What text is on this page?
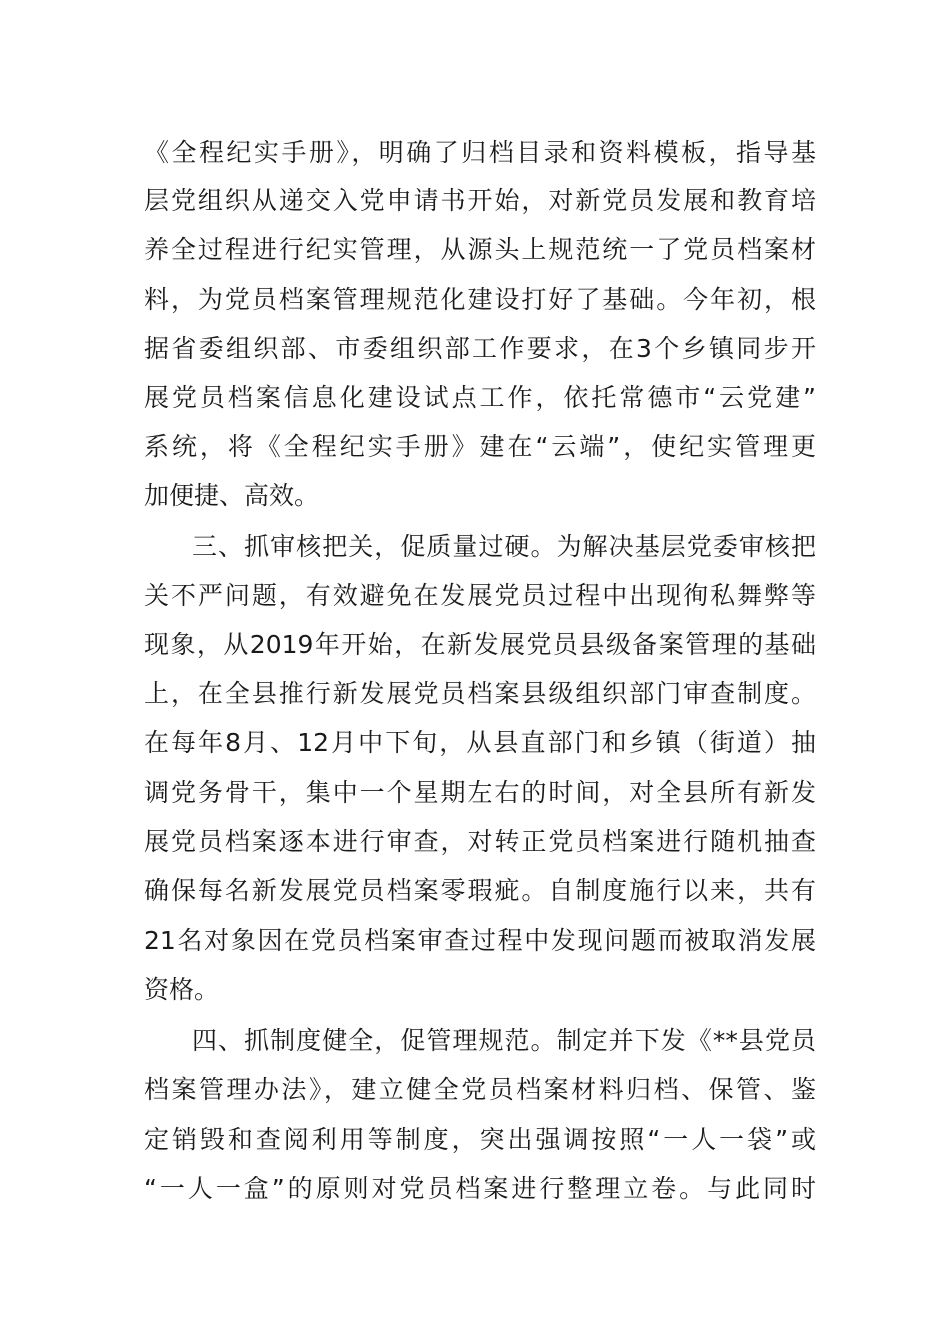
《全程纪实手册》，明确了归档目录和资料模板，指导基
层党组织从递交入党申请书开始，对新党员发展和教育培
养全过程进行纪实管理，从源头上规范统一了党员档案材
料，为党员档案管理规范化建设打好了基础。今年初，根
据省委组织部、市委组织部工作要求，在3个乡镇同步开
展党员档案信息化建设试点工作，依托常德市“云党建”
系统，将《全程纪实手册》建在“云端”，使纪实管理更
加便捷、高效。
三、抓审核把关，促质量过硬。为解决基层党委审核把
关不严问题，有效避免在发展党员过程中出现徇私舞弊等
现象，从2019年开始，在新发展党员县级备案管理的基础
上，在全县推行新发展党员档案县级组织部门审查制度。
在每年8月、12月中下旬，从县直部门和乡镇（街道）抽
调党务骨干，集中一个星期左右的时间，对全县所有新发
展党员档案逐本进行审查，对转正党员档案进行随机抽查
确保每名新发展党员档案零瑕疵。自制度施行以来，共有
21名对象因在党员档案审查过程中发现问题而被取消发展
资格。
四、抓制度健全，促管理规范。制定并下发《**县党员
档案管理办法》，建立健全党员档案材料归档、保管、鉴
定销毁和查阅利用等制度，突出强调按照“一人一袋”或
“一人一盒”的原则对党员档案进行整理立卷。与此同时
